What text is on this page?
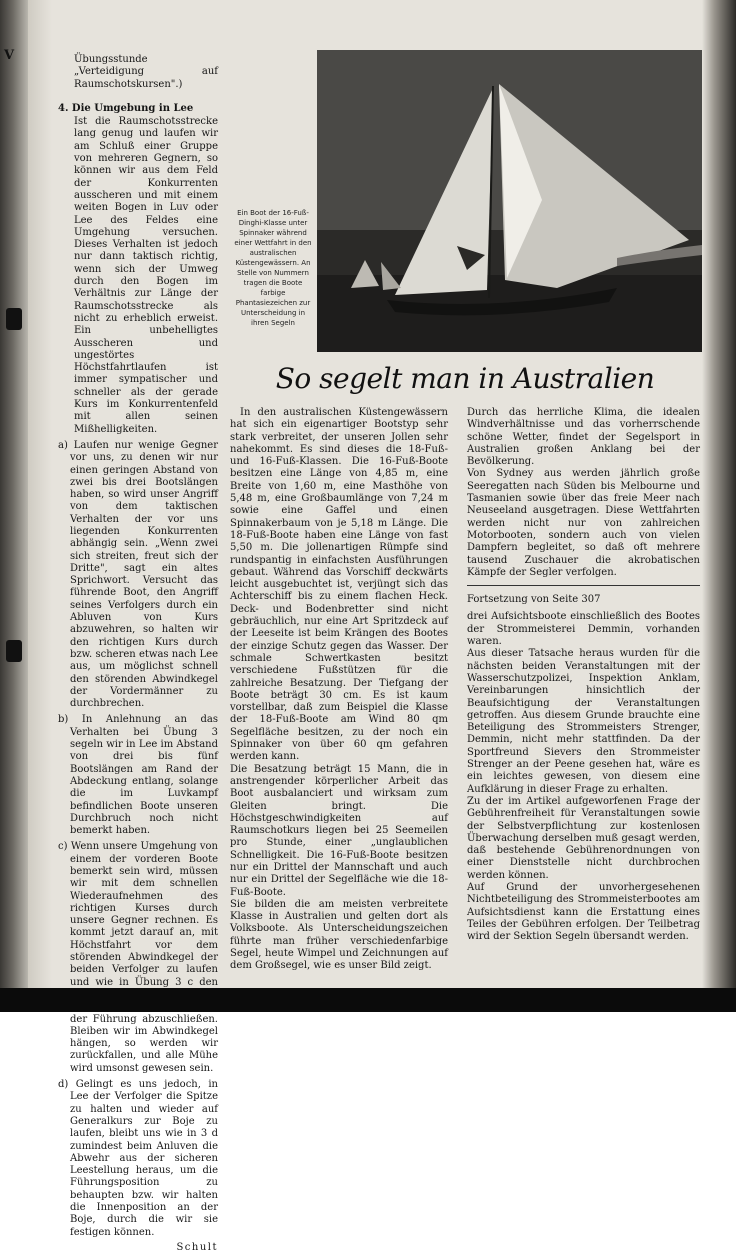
V	Übungsstunde „Verteidigung auf Raumschotskursen".)

4. Die Umgebung in Lee

Ist die Raumschotsstrecke lang genug und laufen wir am Schluß einer Gruppe von mehreren Gegnern, so können wir aus dem Feld der Konkurrenten ausscheren und mit einem weiten Bogen in Luv oder Lee des Feldes eine Umgehung versuchen. Dieses Verhalten ist jedoch nur dann taktisch richtig, wenn sich der Umweg durch den Bogen im Verhältnis zur Länge der Raumschotsstrecke als nicht zu erheblich erweist. Ein unbehelligtes Ausscheren und ungestörtes Höchstfahrtlaufen ist immer sympatischer und schneller als der gerade Kurs im Konkurrentenfeld mit allen seinen Mißhelligkeiten.

a) Laufen nur wenige Gegner vor uns, zu denen wir nur einen geringen Abstand von zwei bis drei Bootslängen haben, so wird unser Angriff von dem taktischen Verhalten der vor uns liegenden Konkurrenten abhängig sein. „Wenn zwei sich streiten, freut sich der Dritte", sagt ein altes Sprichwort. Versucht das führende Boot, den Angriff seines Verfolgers durch ein Abluven von Kurs abzuwehren, so halten wir den richtigen Kurs durch bzw. scheren etwas nach Lee aus, um möglichst schnell den störenden Abwindkegel der Vordermänner zu durchbrechen.

b) In Anlehnung an das Verhalten bei Übung 3 segeln wir in Lee im Abstand von drei bis fünf Bootslängen am Rand der Abdeckung entlang, solange die im Luvkampf befindlichen Boote unseren Durchbruch noch nicht bemerkt haben.

c) Wenn unsere Umgehung von einem der vorderen Boote bemerkt sein wird, müssen wir mit dem schnellen Wiederaufnehmen des richtigen Kurses durch unsere Gegner rechnen. Es kommt jetzt darauf an, mit Höchstfahrt vor dem störenden Abwindkegel der beiden Verfolger zu laufen und wie in Übung 3 c den der Führung abzuschließen. Bleiben wir im Abwindkegel hängen, so werden wir zurückfallen, und alle Mühe wird umsonst gewesen sein.

d) Gelingt es uns jedoch, in Lee der Verfolger die Spitze zu halten und wieder auf Generalkurs zur Boje zu laufen, bleibt uns wie in 3 d zumindest beim Anluven die Abwehr aus der sicheren Leestellung heraus, um die Führungsposition zu behaupten bzw. wir halten die Innenposition an der Boje, durch die wir sie festigen können.

Schult

Ein Boot der 16-Fuß-Dinghi-Klasse unter Spinnaker während einer Wettfahrt in den australischen Küstengewässern. An Stelle von Nummern tragen die Boote farbige Phantasiezeichen zur Unterscheidung in ihren Segeln
So segelt man in Australien

In den australischen Küstengewässern hat sich ein eigenartiger Bootstyp sehr stark verbreitet, der unseren Jollen sehr nahekommt. Es sind dieses die 18-Fuß- und 16-Fuß-Klassen. Die 16-Fuß-Boote besitzen eine Länge von 4,85 m, eine Breite von 1,60 m, eine Masthöhe von 5,48 m, eine Großbaumlänge von 7,24 m sowie eine Gaffel und einen Spinnakerbaum von je 5,18 m Länge. Die 18-Fuß-Boote haben eine Länge von fast 5,50 m. Die jollenartigen Rümpfe sind rundspantig in einfachsten Ausführungen gebaut. Während das Vorschiff deckwärts leicht ausgebuchtet ist, verjüngt sich das Achterschiff bis zu einem flachen Heck. Deck- und Bodenbretter sind nicht gebräuchlich, nur eine Art Spritzdeck auf der Leeseite ist beim Krängen des Bootes der einzige Schutz gegen das Wasser. Der schmale Schwertkasten besitzt verschiedene Fußstützen für die zahlreiche Besatzung. Der Tiefgang der Boote beträgt 30 cm. Es ist kaum vorstellbar, daß zum Beispiel die Klasse der 18-Fuß-Boote am Wind 80 qm Segelfläche besitzen, zu der noch ein Spinnaker von über 60 qm gefahren werden kann.

Die Besatzung beträgt 15 Mann, die in anstrengender körperlicher Arbeit das Boot ausbalanciert und wirksam zum Gleiten bringt. Die Höchstgeschwindigkeiten auf Raumschotkurs liegen bei 25 Seemeilen pro Stunde, einer „unglaublichen Schnelligkeit. Die 16-Fuß-Boote besitzen nur ein Drittel der Mannschaft und auch nur ein Drittel der Segelfläche wie die 18-Fuß-Boote.

Sie bilden die am meisten verbreitete Klasse in Australien und gelten dort als Volksboote. Als Unterscheidungszeichen führte man früher verschiedenfarbige Segel, heute Wimpel und Zeichnungen auf dem Großsegel, wie es unser Bild zeigt.

Durch das herrliche Klima, die idealen Windverhältnisse und das vorherrschende schöne Wetter, findet der Segelsport in Australien großen Anklang bei der Bevölkerung.

Von Sydney aus werden jährlich große Seeregatten nach Süden bis Melbourne und Tasmanien sowie über das freie Meer nach Neuseeland ausgetragen. Diese Wettfahrten werden nicht nur von zahlreichen Motorbooten, sondern auch von vielen Dampfern begleitet, so daß oft mehrere tausend Zuschauer die akrobatischen Kämpfe der Segler verfolgen.

Fortsetzung von Seite 307

drei Aufsichtsboote einschließlich des Bootes der Strommeisterei Demmin, vorhanden waren.

Aus dieser Tatsache heraus wurden für die nächsten beiden Veranstaltungen mit der Wasserschutzpolizei, Inspektion Anklam, Vereinbarungen hinsichtlich der Beaufsichtigung der Veranstaltungen getroffen. Aus diesem Grunde brauchte eine Beteiligung des Strommeisters Strenger, Demmin, nicht mehr stattfinden. Da der Sportfreund Sievers den Strommeister Strenger an der Peene gesehen hat, wäre es ein leichtes gewesen, von diesem eine Aufklärung in dieser Frage zu erhalten.

Zu der im Artikel aufgeworfenen Frage der Gebührenfreiheit für Veranstaltungen sowie der Selbstverpflichtung zur kostenlosen Überwachung derselben muß gesagt werden, daß bestehende Gebührenordnungen von einer Dienststelle nicht durchbrochen werden können.

Auf Grund der unvorhergesehenen Nichtbeteiligung des Strommeisterbootes am Aufsichtsdienst kann die Erstattung eines Teiles der Gebühren erfolgen. Der Teilbetrag wird der Sektion Segeln übersandt werden.
